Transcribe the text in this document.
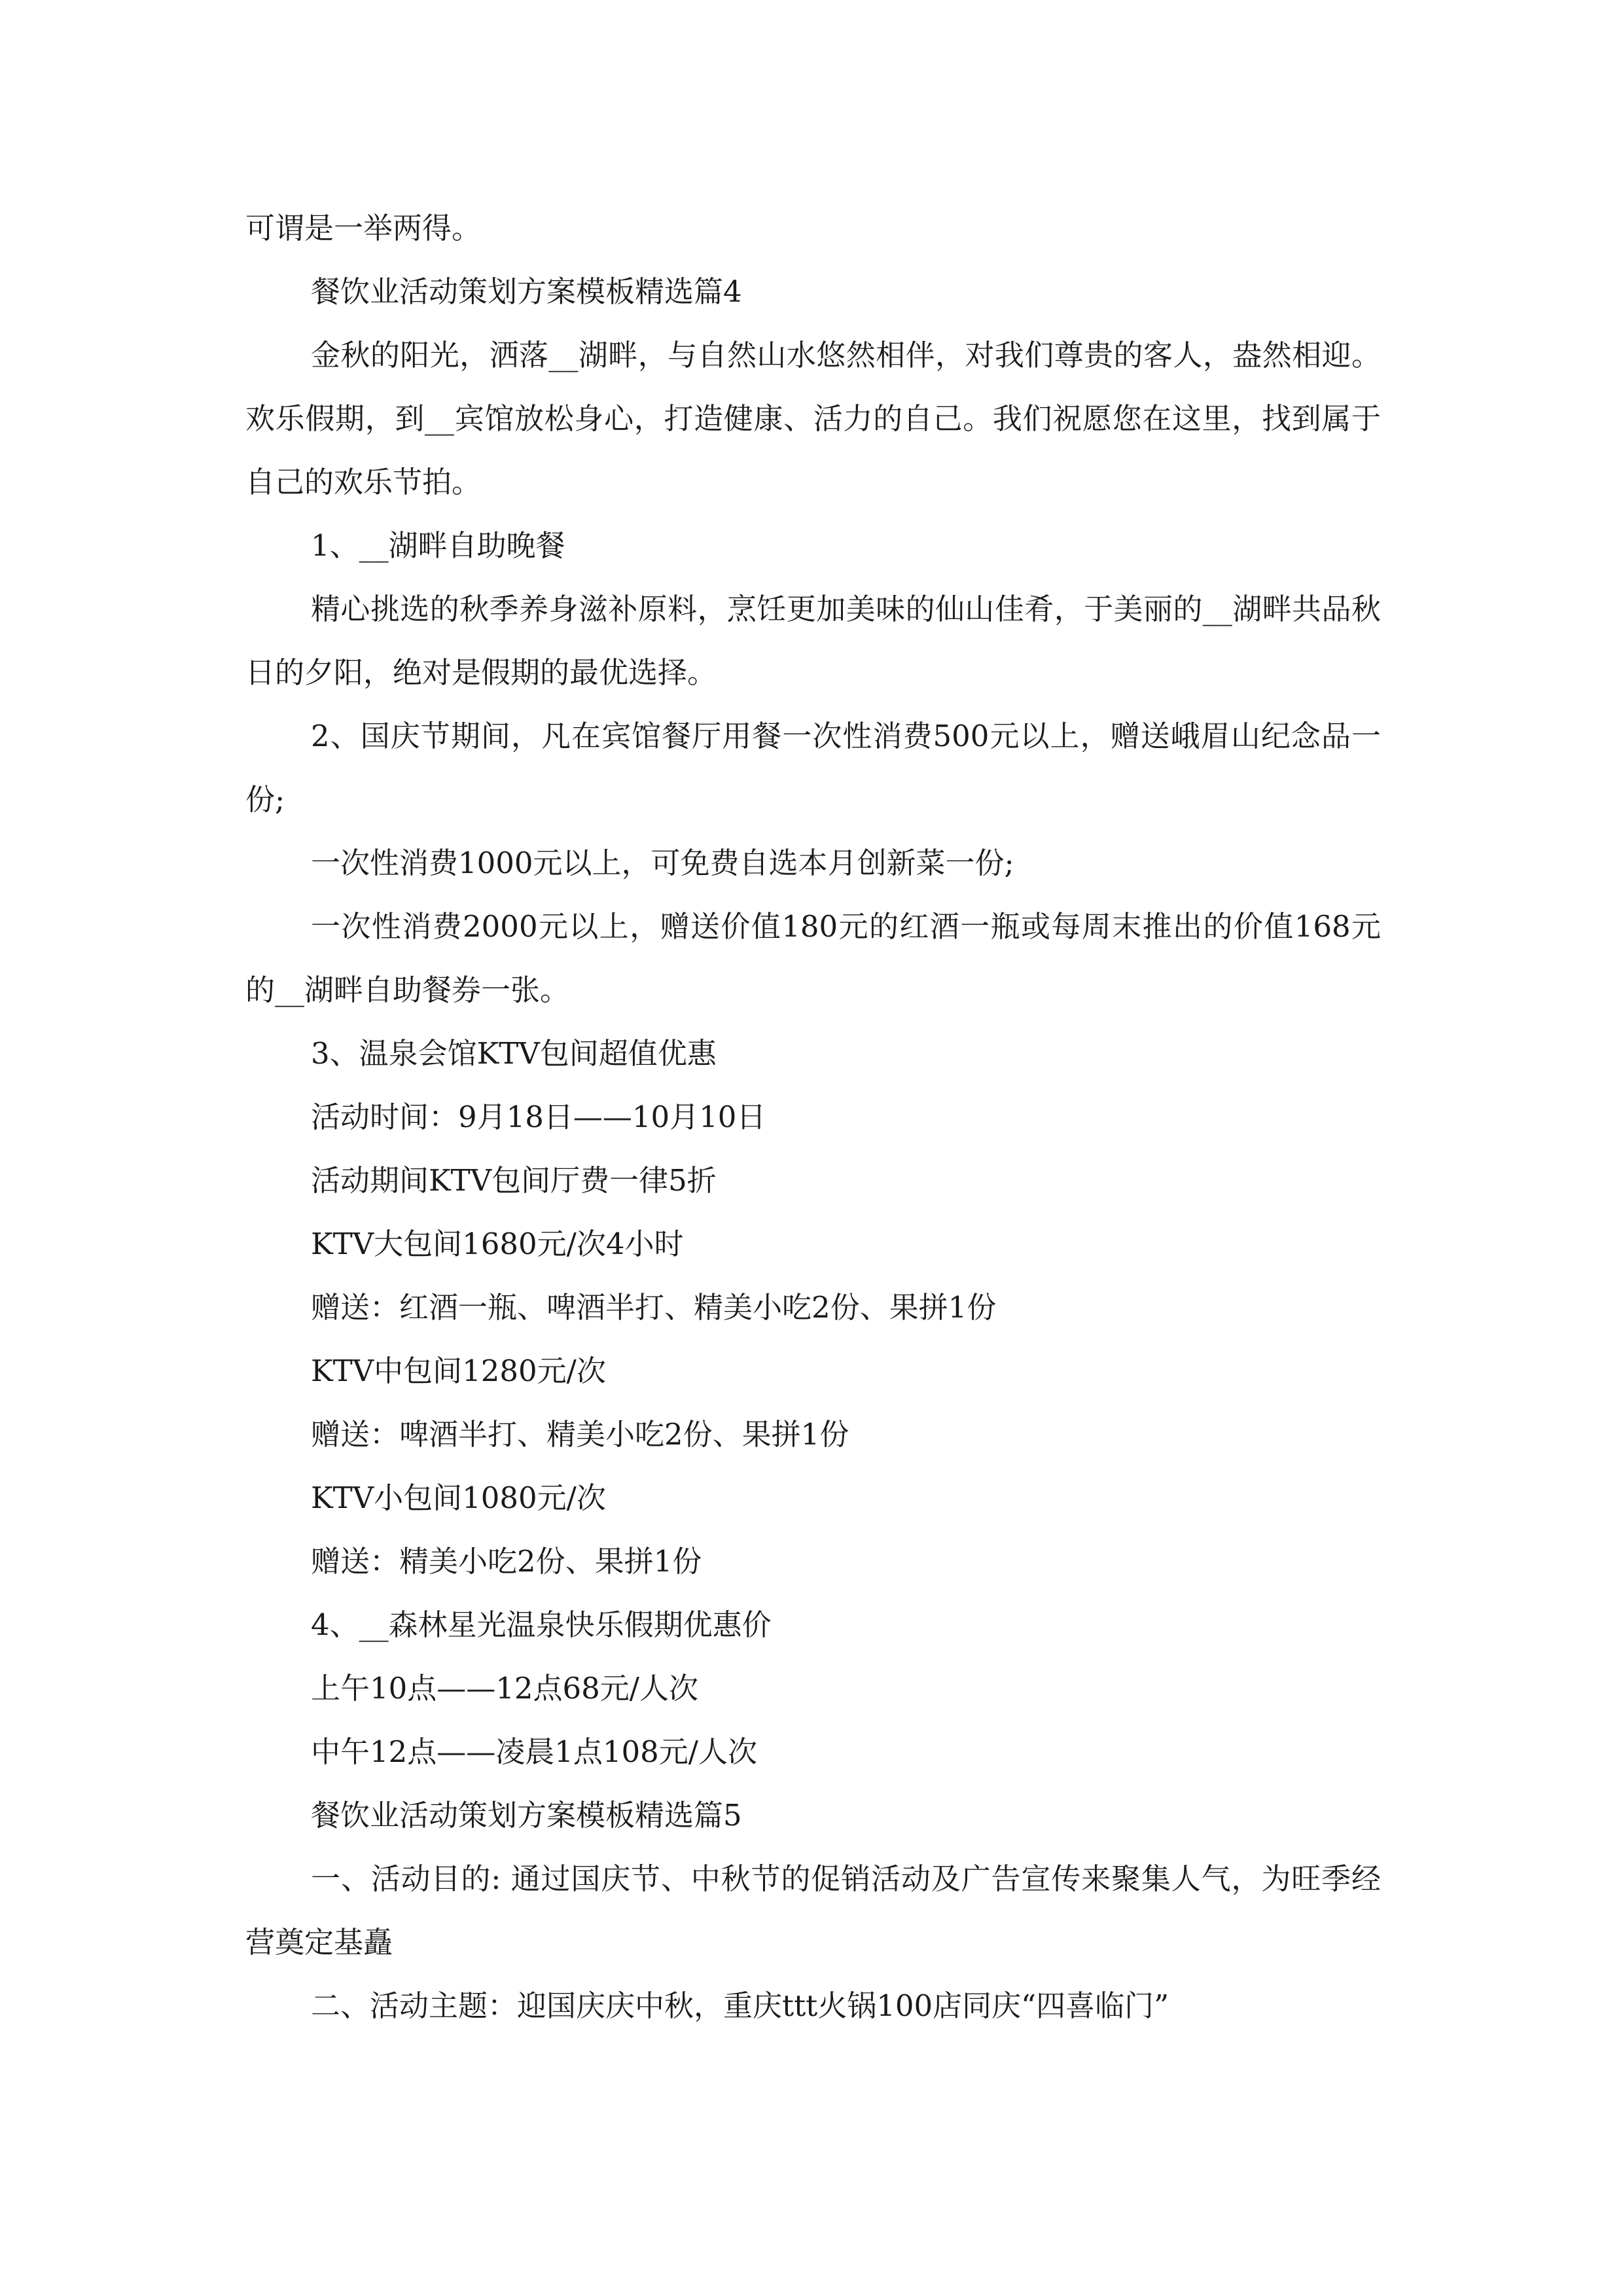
可谓是一举两得。

餐饮业活动策划方案模板精选篇4

金秋的阳光，洒落__湖畔，与自然山水悠然相伴，对我们尊贵的客人，盎然相迎。欢乐假期，到__宾馆放松身心，打造健康、活力的自己。我们祝愿您在这里，找到属于自己的欢乐节拍。

1、__湖畔自助晚餐

精心挑选的秋季养身滋补原料，烹饪更加美味的仙山佳肴，于美丽的__湖畔共品秋日的夕阳，绝对是假期的最优选择。

2、国庆节期间，凡在宾馆餐厅用餐一次性消费500元以上，赠送峨眉山纪念品一份;

一次性消费1000元以上，可免费自选本月创新菜一份;

一次性消费2000元以上，赠送价值180元的红酒一瓶或每周末推出的价值168元的__湖畔自助餐券一张。

3、温泉会馆KTV包间超值优惠

活动时间：9月18日——10月10日

活动期间KTV包间厅费一律5折

KTV大包间1680元/次4小时

赠送：红酒一瓶、啤酒半打、精美小吃2份、果拼1份

KTV中包间1280元/次

赠送：啤酒半打、精美小吃2份、果拼1份

KTV小包间1080元/次

赠送：精美小吃2份、果拼1份

4、__森林星光温泉快乐假期优惠价

上午10点——12点68元/人次

中午12点——凌晨1点108元/人次

餐饮业活动策划方案模板精选篇5

一、活动目的: 通过国庆节、中秋节的促销活动及广告宣传来聚集人气，为旺季经营奠定基矗

二、活动主题：迎国庆庆中秋，重庆ttt火锅100店同庆“四喜临门”
